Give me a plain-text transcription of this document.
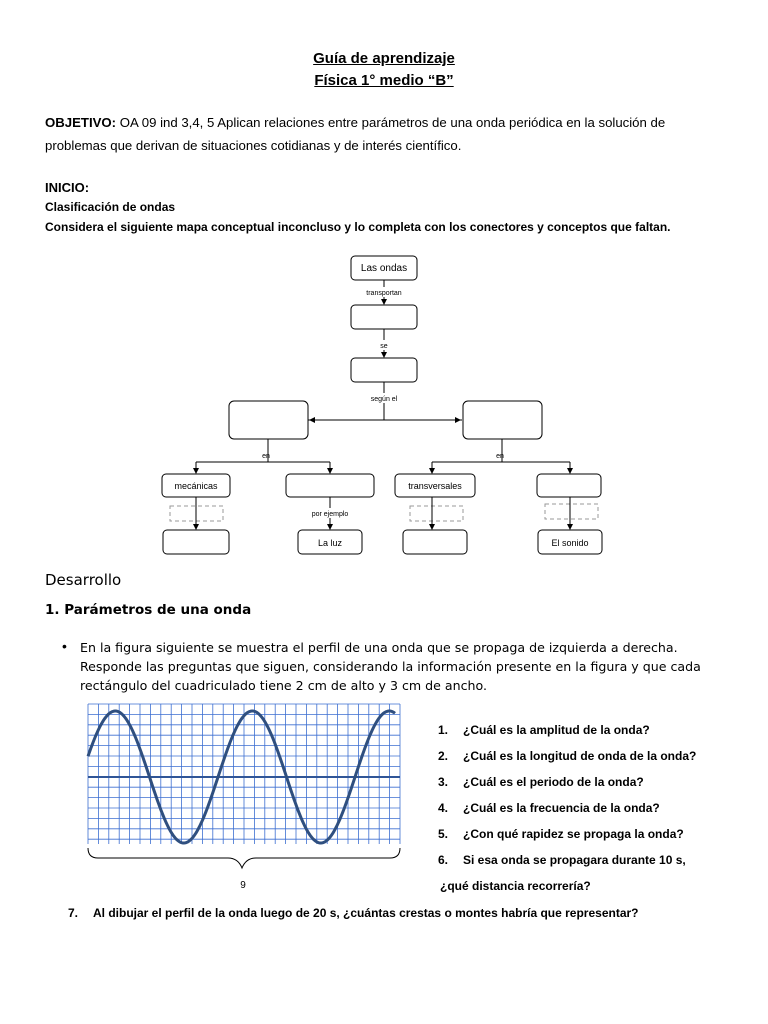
Guía de aprendizaje
Física 1° medio “B”
OBJETIVO: OA 09 ind 3,4, 5 Aplican relaciones entre parámetros de una onda periódica en la solución de
problemas que derivan de situaciones cotidianas y de interés científico.
INICIO:
Clasificación de ondas
Considera el siguiente mapa conceptual inconcluso y lo completa con los conectores y conceptos que faltan.
Las ondas
transportan
se
según el
en	en
mecánicas	transversales
por ejemplo
La luz	El sonido
Desarrollo
1. Parámetros de una onda
• En la figura siguiente se muestra el perfil de una onda que se propaga de izquierda a derecha.
Responde las preguntas que siguen, considerando la información presente en la figura y que cada
rectángulo del cuadriculado tiene 2 cm de alto y 3 cm de ancho.
9
1. ¿Cuál es la amplitud de la onda?
2. ¿Cuál es la longitud de onda de la onda?
3. ¿Cuál es el periodo de la onda?
4. ¿Cuál es la frecuencia de la onda?
5. ¿Con qué rapidez se propaga la onda?
6. Si esa onda se propagara durante 10 s,
¿qué distancia recorrería?
7. Al dibujar el perfil de la onda luego de 20 s, ¿cuántas crestas o montes habría que representar?
